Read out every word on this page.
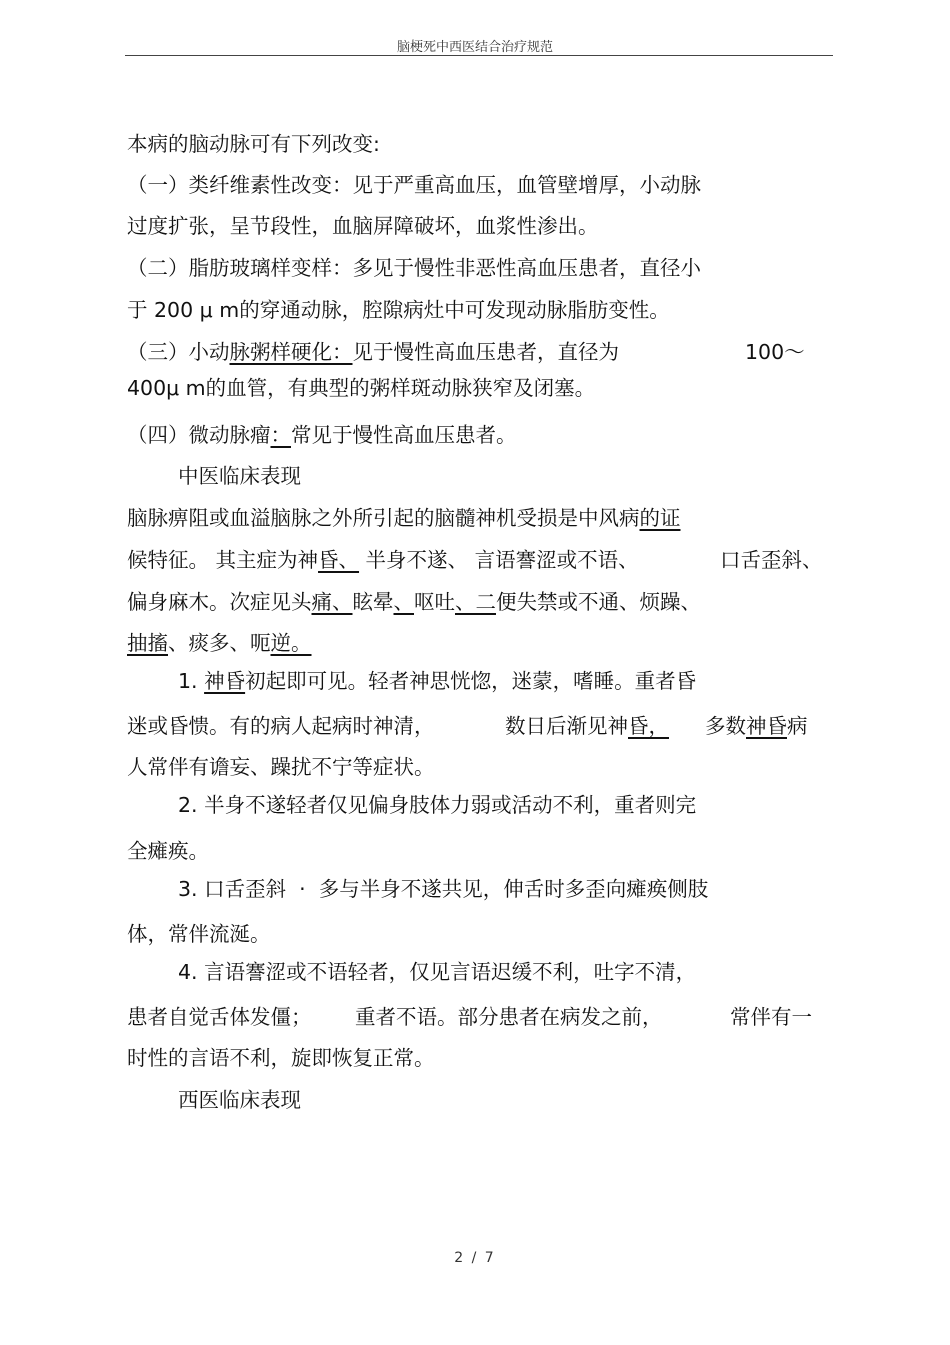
脑梗死中西医结合治疗规范
本病的脑动脉可有下列改变:
（一）类纤维素性改变：见于严重高血压，血管壁增厚，小动脉
过度扩张，呈节段性，血脑屏障破坏，血浆性渗出。
（二）脂肪玻璃样变样：多见于慢性非恶性高血压患者，直径小
于 200 μ m的穿通动脉，腔隙病灶中可发现动脉脂肪变性。
（三）小动脉粥样硬化：见于慢性高血压患者，直径为	100～
400μ m的血管，有典型的粥样斑动脉狭窄及闭塞。
（四）微动脉瘤：常见于慢性高血压患者。
中医临床表现
脑脉痹阻或血溢脑脉之外所引起的脑髓神机受损是中风病的证
候特征。 其主症为神昏、 半身不遂、 言语謇涩或不语、	口舌歪斜、
偏身麻木。次症见头痛、眩晕、呕吐、二便失禁或不通、烦躁、
抽搐、痰多、呃逆。
1. 神昏初起即可见。轻者神思恍惚，迷蒙，嗜睡。重者昏
迷或昏愦。有的病人起病时神清，	数日后渐见神昏， 多数神昏病
人常伴有谵妄、躁扰不宁等症状。
2. 半身不遂轻者仅见偏身肢体力弱或活动不利，重者则完
全瘫痪。
3. 口舌歪斜 · 多与半身不遂共见，伸舌时多歪向瘫痪侧肢
体，常伴流涎。
4. 言语謇涩或不语轻者，仅见言语迟缓不利，吐字不清，
患者自觉舌体发僵； 重者不语。部分患者在病发之前，	常伴有一
时性的言语不利，旋即恢复正常。
西医临床表现
2 / 7
